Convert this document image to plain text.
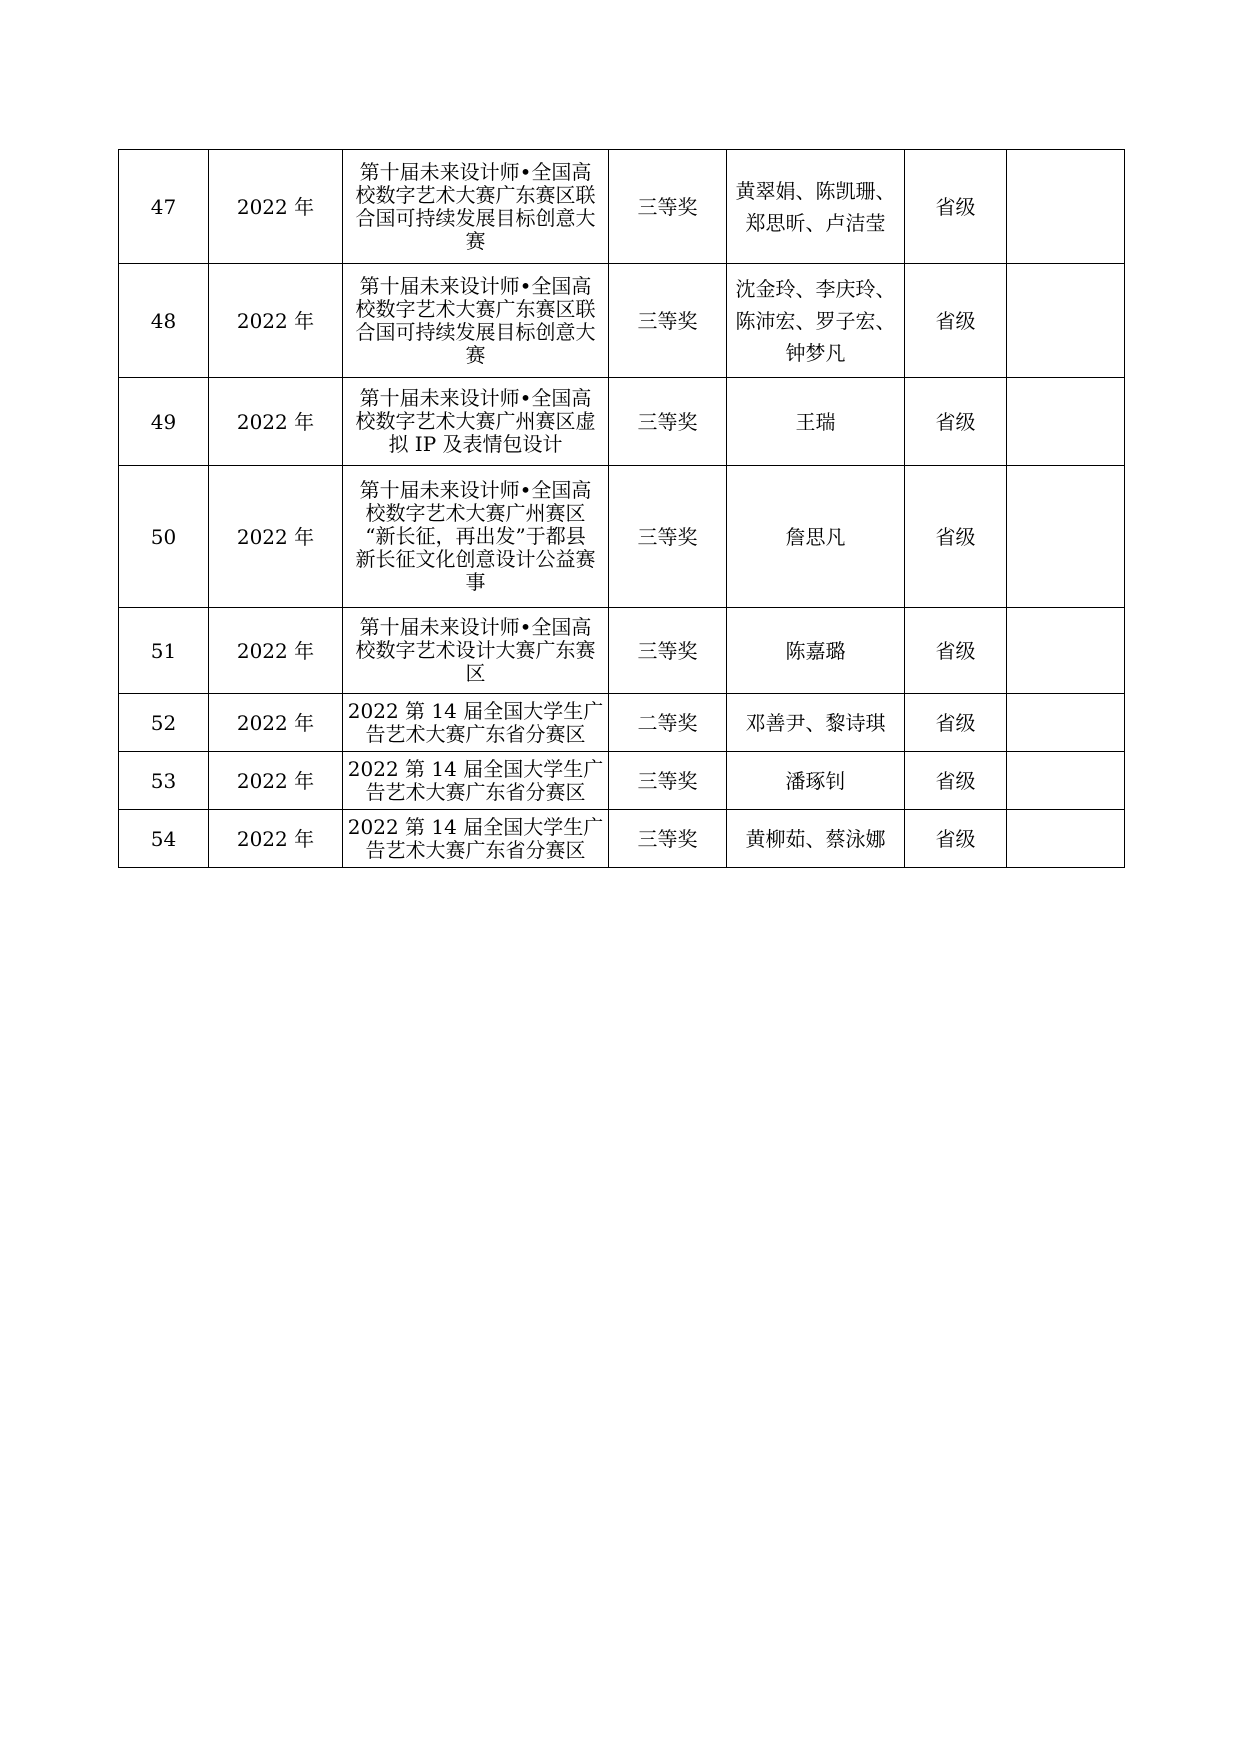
47	2022 年	第十届未来设计师•全国高
校数字艺术大赛广东赛区联
合国可持续发展目标创意大
赛	三等奖	黄翠娟、陈凯珊、
郑思昕、卢洁莹	省级	
48	2022 年	第十届未来设计师•全国高
校数字艺术大赛广东赛区联
合国可持续发展目标创意大
赛	三等奖	沈金玲、李庆玲、
陈沛宏、罗子宏、
钟梦凡	省级	
49	2022 年	第十届未来设计师•全国高
校数字艺术大赛广州赛区虚
拟 IP 及表情包设计	三等奖	王瑞	省级	
50	2022 年	第十届未来设计师•全国高
校数字艺术大赛广州赛区
“新长征，再出发”于都县
新长征文化创意设计公益赛
事	三等奖	詹思凡	省级	
51	2022 年	第十届未来设计师•全国高
校数字艺术设计大赛广东赛
区	三等奖	陈嘉璐	省级	
52	2022 年	2022 第 14 届全国大学生广
告艺术大赛广东省分赛区	二等奖	邓善尹、黎诗琪	省级	
53	2022 年	2022 第 14 届全国大学生广
告艺术大赛广东省分赛区	三等奖	潘琢钊	省级	
54	2022 年	2022 第 14 届全国大学生广
告艺术大赛广东省分赛区	三等奖	黄柳茹、蔡泳娜	省级	
